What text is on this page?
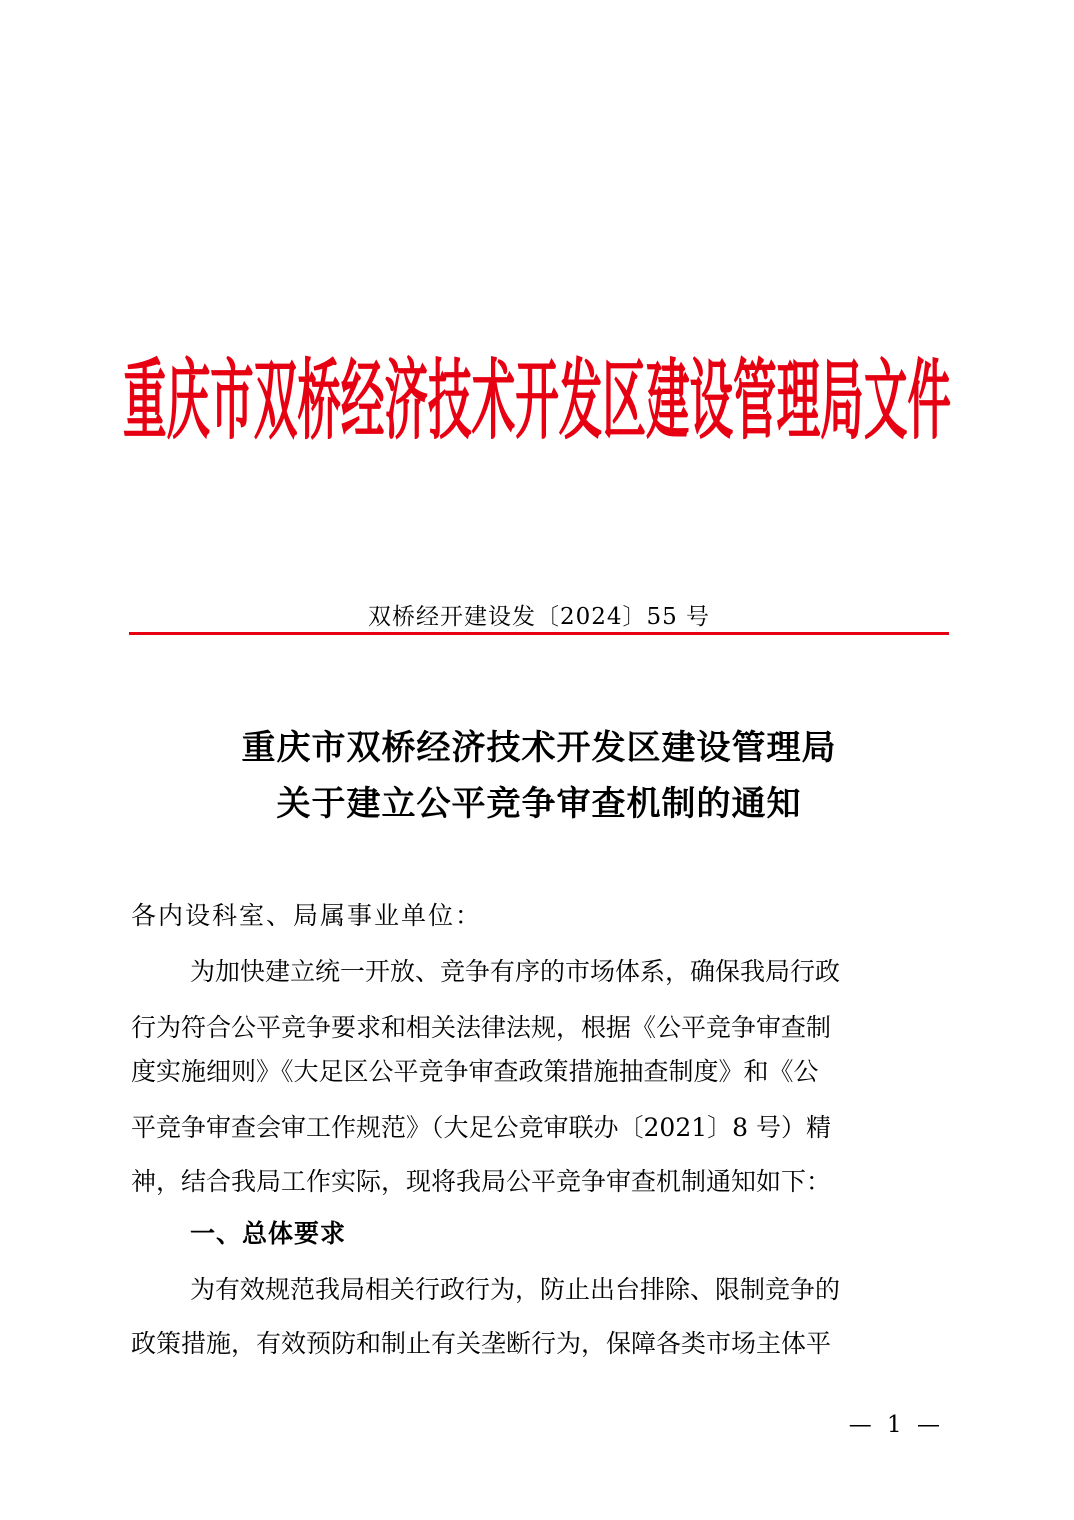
重庆市双桥经济技术开发区建设管理局文件
双桥经开建设发〔2024〕55 号
重庆市双桥经济技术开发区建设管理局
关于建立公平竞争审查机制的通知
各内设科室、局属事业单位：
为加快建立统一开放、竞争有序的市场体系，确保我局行政
行为符合公平竞争要求和相关法律法规，根据《公平竞争审查制
度实施细则》《大足区公平竞争审查政策措施抽查制度》和《公
平竞争审查会审工作规范》（大足公竞审联办〔2021〕8 号）精
神，结合我局工作实际，现将我局公平竞争审查机制通知如下：
一、总体要求
为有效规范我局相关行政行为，防止出台排除、限制竞争的
政策措施，有效预防和制止有关垄断行为，保障各类市场主体平
— 1 —
